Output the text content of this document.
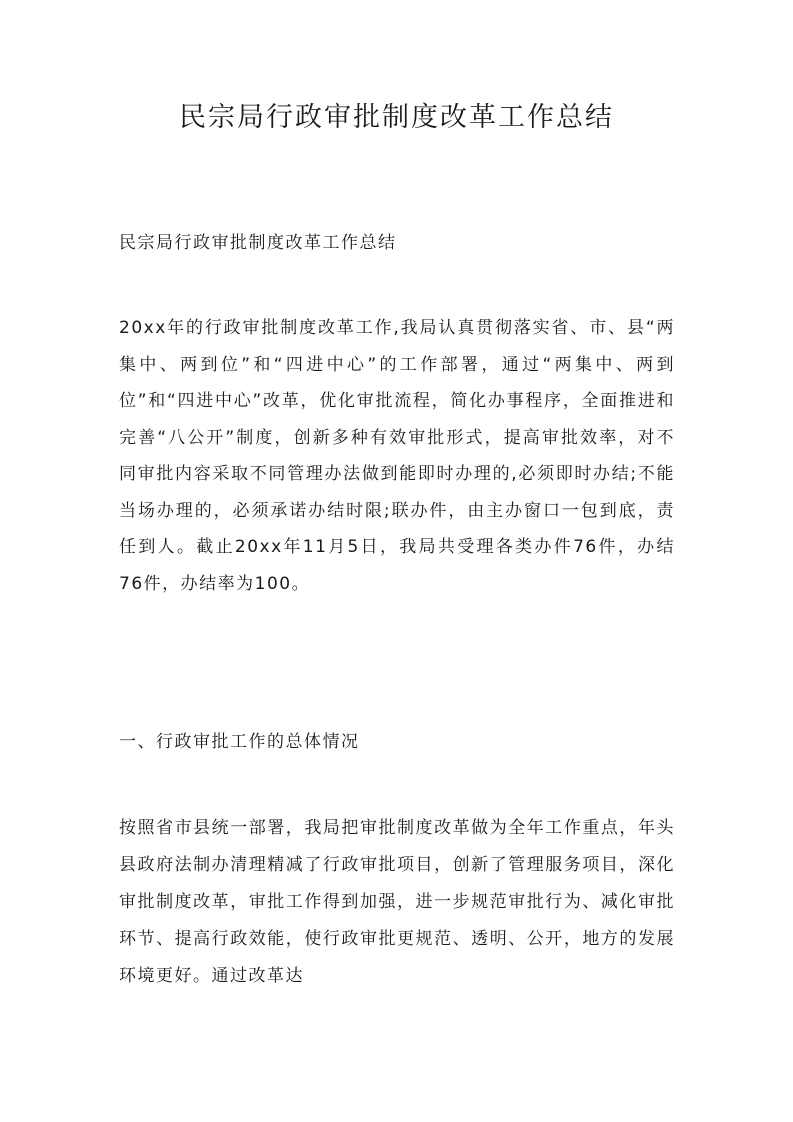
民宗局行政审批制度改革工作总结

民宗局行政审批制度改革工作总结

20xx年的行政审批制度改革工作,我局认真贯彻落实省、市、县“两集中、两到位”和“四进中心”的工作部署，通过“两集中、两到位”和“四进中心”改革，优化审批流程，简化办事程序，全面推进和完善“八公开”制度，创新多种有效审批形式，提高审批效率，对不同审批内容采取不同管理办法做到能即时办理的,必须即时办结;不能当场办理的，必须承诺办结时限;联办件，由主办窗口一包到底，责任到人。截止20xx年11月5日，我局共受理各类办件76件，办结76件，办结率为100。

一、行政审批工作的总体情况

按照省市县统一部署，我局把审批制度改革做为全年工作重点，年头县政府法制办清理精减了行政审批项目，创新了管理服务项目，深化审批制度改革，审批工作得到加强，进一步规范审批行为、减化审批环节、提高行政效能，使行政审批更规范、透明、公开，地方的发展环境更好。通过改革达
